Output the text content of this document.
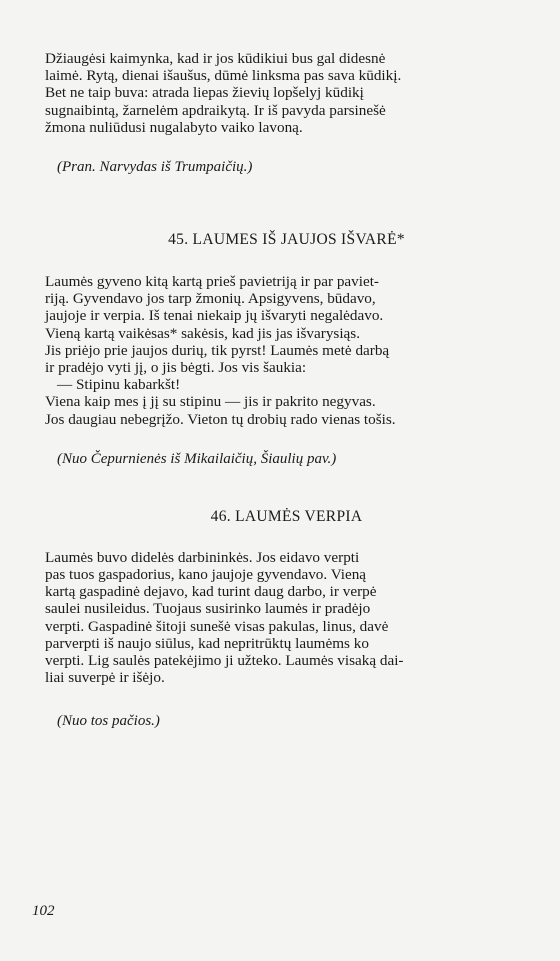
Džiaugėsi kaimynka, kad ir jos kūdikiui bus gal didesnė

laimė. Rytą, dienai išaušus, dūmė linksma pas sava kūdikį.

Bet ne taip buva: atrada liepas žievių lopšelyj kūdikį

sugnaibintą, žarnelėm apdraikytą. Ir iš pavyda parsinešė

žmona nuliūdusi nugalabyto vaiko lavoną.

(Pran. Narvydas iš Trumpaičių.)

45. LAUMES IŠ JAUJOS IŠVARĖ*

Laumės gyveno kitą kartą prieš pavietriją ir par paviet-

riją. Gyvendavo jos tarp žmonių. Apsigyvens, būdavo,

jaujoje ir verpia. Iš tenai niekaip jų išvaryti negalėdavo.

Vieną kartą vaikėsas* sakėsis, kad jis jas išvarysiąs.

Jis priėjo prie jaujos durių, tik pyrst! Laumės metė darbą

ir pradėjo vyti jį, o jis bėgti. Jos vis šaukia:

— Stipinu kabarkšt!

Viena kaip mes į jį su stipinu — jis ir pakrito negyvas.

Jos daugiau nebegrįžo. Vieton tų drobių rado vienas tošis.

(Nuo Čepurnienės iš Mikailaičių, Šiaulių pav.)

46. LAUMĖS VERPIA

Laumės buvo didelės darbininkės. Jos eidavo verpti

pas tuos gaspadorius, kano jaujoje gyvendavo. Vieną

kartą gaspadinė dejavo, kad turint daug darbo, ir verpė

saulei nusileidus. Tuojaus susirinko laumės ir pradėjo

verpti. Gaspadinė šitoji sunešė visas pakulas, linus, davė

parverpti iš naujo siūlus, kad nepritrūktų laumėms ko

verpti. Lig saulės patekėjimo ji užteko. Laumės visaką dai-

liai suverpė ir išėjo.

(Nuo tos pačios.)

102
